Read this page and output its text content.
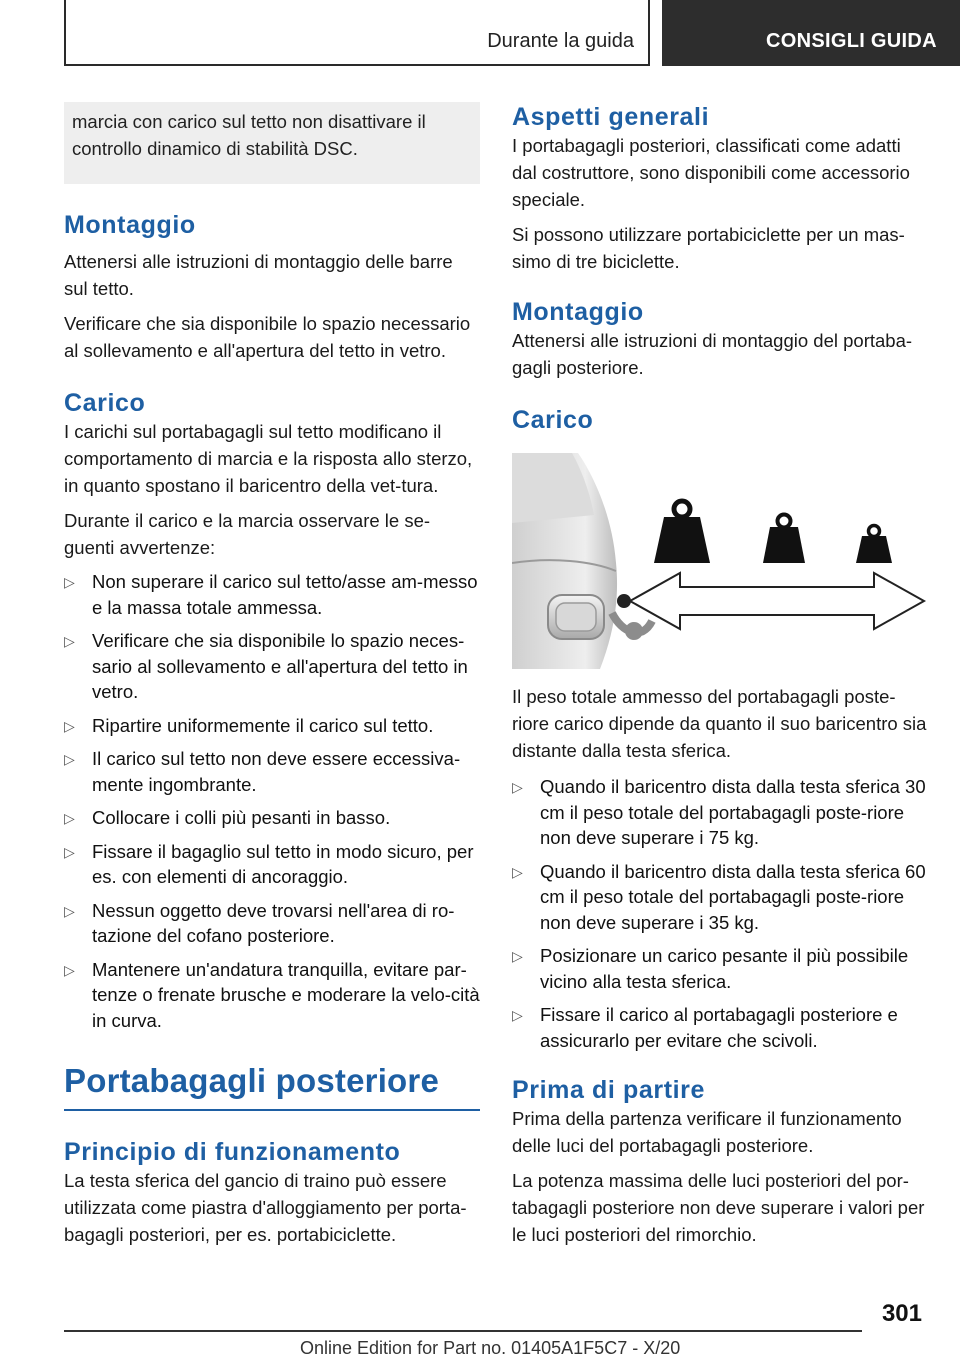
Durante la guida	CONSIGLI GUIDA
marcia con carico sul tetto non disattivare il controllo dinamico di stabilità DSC.
Montaggio

Attenersi alle istruzioni di montaggio delle barre sul tetto.

Verificare che sia disponibile lo spazio necessario al sollevamento e all'apertura del tetto in vetro.

Carico

I carichi sul portabagagli sul tetto modificano il comportamento di marcia e la risposta allo sterzo, in quanto spostano il baricentro della vet-tura.

Durante il carico e la marcia osservare le se-guenti avvertenze:

▷ Non superare il carico sul tetto/asse am-messo e la massa totale ammessa.
▷ Verificare che sia disponibile lo spazio neces-sario al sollevamento e all'apertura del tetto in vetro.
▷ Ripartire uniformemente il carico sul tetto.
▷ Il carico sul tetto non deve essere eccessiva-mente ingombrante.
▷ Collocare i colli più pesanti in basso.
▷ Fissare il bagaglio sul tetto in modo sicuro, per es. con elementi di ancoraggio.
▷ Nessun oggetto deve trovarsi nell'area di ro-tazione del cofano posteriore.
▷ Mantenere un'andatura tranquilla, evitare par-tenze o frenate brusche e moderare la velo-cità in curva.
Portabagagli posteriore
Principio di funzionamento

La testa sferica del gancio di traino può essere utilizzata come piastra d'alloggiamento per porta-bagagli posteriori, per es. portabiciclette.

Aspetti generali

I portabagagli posteriori, classificati come adatti dal costruttore, sono disponibili come accessorio speciale.

Si possono utilizzare portabiciclette per un mas-simo di tre biciclette.

Montaggio

Attenersi alle istruzioni di montaggio del portaba-gagli posteriore.

Carico

Il peso totale ammesso del portabagagli poste-riore carico dipende da quanto il suo baricentro sia distante dalla testa sferica.

▷ Quando il baricentro dista dalla testa sferica 30 cm il peso totale del portabagagli poste-riore non deve superare i 75 kg.
▷ Quando il baricentro dista dalla testa sferica 60 cm il peso totale del portabagagli poste-riore non deve superare i 35 kg.
▷ Posizionare un carico pesante il più possibile vicino alla testa sferica.
▷ Fissare il carico al portabagagli posteriore e assicurarlo per evitare che scivoli.
Prima di partire

Prima della partenza verificare il funzionamento delle luci del portabagagli posteriore.

La potenza massima delle luci posteriori del por-tabagagli posteriore non deve superare i valori per le luci posteriori del rimorchio.

301
Online Edition for Part no. 01405A1F5C7 - X/20
